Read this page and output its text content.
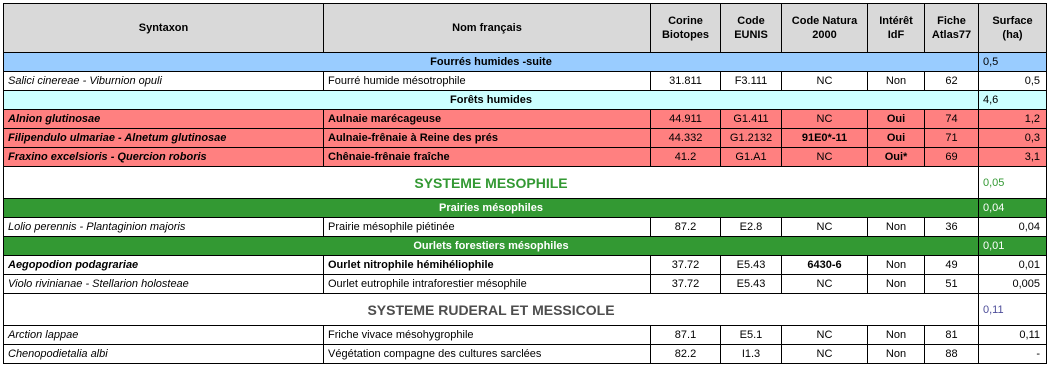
Syntaxon	Nom français	Corine Biotopes	Code EUNIS	Code Natura 2000	Intérêt IdF	Fiche Atlas77	Surface (ha)
Fourrés humides -suite							0,5
Salici cinereae - Viburnion opuli	Fourré humide mésotrophile	31.811	F3.111	NC	Non	62	0,5
Forêts humides							4,6
Alnion glutinosae	Aulnaie marécageuse	44.911	G1.411	NC	Oui	74	1,2
Filipendulo ulmariae - Alnetum glutinosae	Aulnaie-frênaie à Reine des prés	44.332	G1.2132	91E0*-11	Oui	71	0,3
Fraxino excelsioris - Quercion roboris	Chênaie-frênaie fraîche	41.2	G1.A1	NC	Oui*	69	3,1
SYSTEME MESOPHILE							0,05
Prairies mésophiles							0,04
Lolio perennis - Plantaginion majoris	Prairie mésophile piétinée	87.2	E2.8	NC	Non	36	0,04
Ourlets forestiers mésophiles							0,01
Aegopodion podagrariae	Ourlet nitrophile hémihéliophile	37.72	E5.43	6430-6	Non	49	0,01
Violo rivinianae - Stellarion holosteae	Ourlet eutrophile intraforestier mésophile	37.72	E5.43	NC	Non	51	0,005
SYSTEME RUDERAL ET MESSICOLE							0,11
Arction lappae	Friche vivace mésohygrophile	87.1	E5.1	NC	Non	81	0,11
Chenopodietalia albi	Végétation compagne des cultures sarclées	82.2	I1.3	NC	Non	88	-
